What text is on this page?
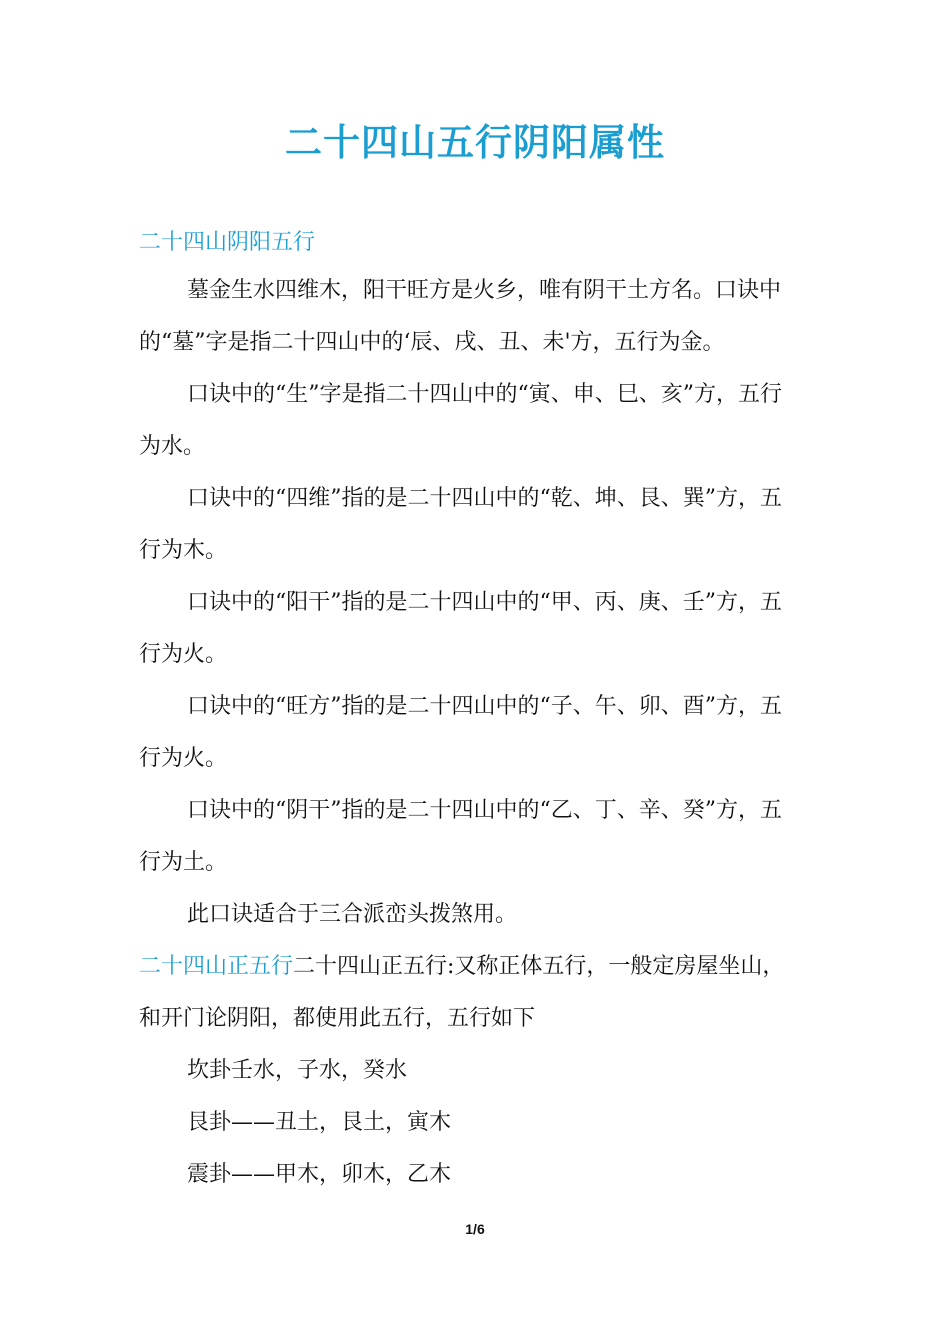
二十四山五行阴阳属性
二十四山阴阳五行
墓金生水四维木，阳干旺方是火乡，唯有阴干土方名。口诀中
的“墓”字是指二十四山中的‘辰、戌、丑、未'方，五行为金。
口诀中的“生”字是指二十四山中的“寅、申、巳、亥”方，五行
为水。
口诀中的“四维”指的是二十四山中的“乾、坤、艮、巽”方，五
行为木。
口诀中的“阳干”指的是二十四山中的“甲、丙、庚、壬”方，五
行为火。
口诀中的“旺方”指的是二十四山中的“子、午、卯、酉”方，五
行为火。
口诀中的“阴干”指的是二十四山中的“乙、丁、辛、癸”方，五
行为土。
此口诀适合于三合派峦头拨煞用。
二十四山正五行二十四山正五行:又称正体五行，一般定房屋坐山，
和开门论阴阳，都使用此五行，五行如下
坎卦壬水，子水，癸水
艮卦——丑土，艮土，寅木
震卦——甲木，卯木，乙木
1/6
